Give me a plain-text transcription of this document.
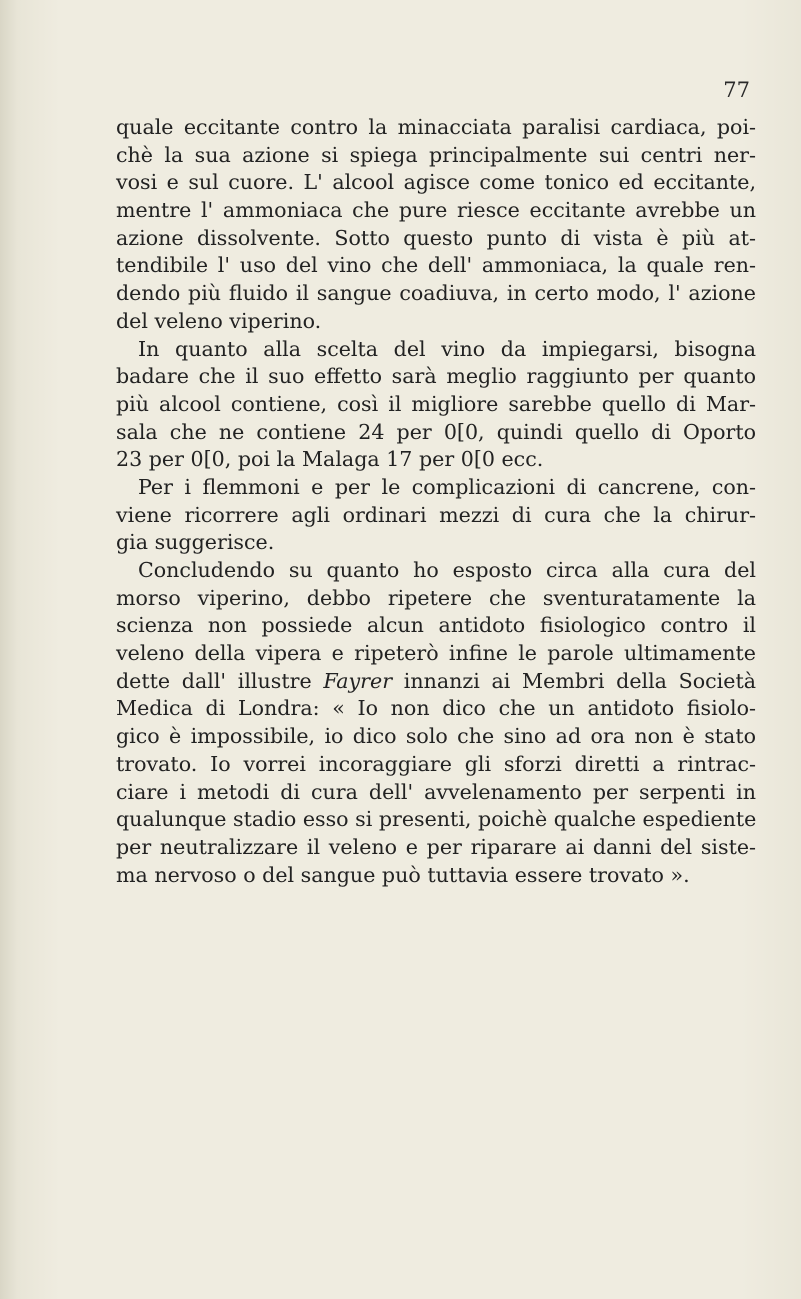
77
quale eccitante contro la minacciata paralisi cardiaca, poi-
chè la sua azione si spiega principalmente sui centri ner-
vosi e sul cuore. L' alcool agisce come tonico ed eccitante,
mentre l' ammoniaca che pure riesce eccitante avrebbe un
azione dissolvente. Sotto questo punto di vista è più at-
tendibile l' uso del vino che dell' ammoniaca, la quale ren-
dendo più fluido il sangue coadiuva, in certo modo, l' azione
del veleno viperino.
In quanto alla scelta del vino da impiegarsi, bisogna
badare che il suo effetto sarà meglio raggiunto per quanto
più alcool contiene, così il migliore sarebbe quello di Mar-
sala che ne contiene 24 per 0[0, quindi quello di Oporto
23 per 0[0, poi la Malaga 17 per 0[0 ecc.
Per i flemmoni e per le complicazioni di cancrene, con-
viene ricorrere agli ordinari mezzi di cura che la chirur-
gia suggerisce.
Concludendo su quanto ho esposto circa alla cura del
morso viperino, debbo ripetere che sventuratamente la
scienza non possiede alcun antidoto fisiologico contro il
veleno della vipera e ripeterò infine le parole ultimamente
dette dall' illustre Fayrer innanzi ai Membri della Società
Medica di Londra: « Io non dico che un antidoto fisiolo-
gico è impossibile, io dico solo che sino ad ora non è stato
trovato. Io vorrei incoraggiare gli sforzi diretti a rintrac-
ciare i metodi di cura dell' avvelenamento per serpenti in
qualunque stadio esso si presenti, poichè qualche espediente
per neutralizzare il veleno e per riparare ai danni del siste-
ma nervoso o del sangue può tuttavia essere trovato ».
